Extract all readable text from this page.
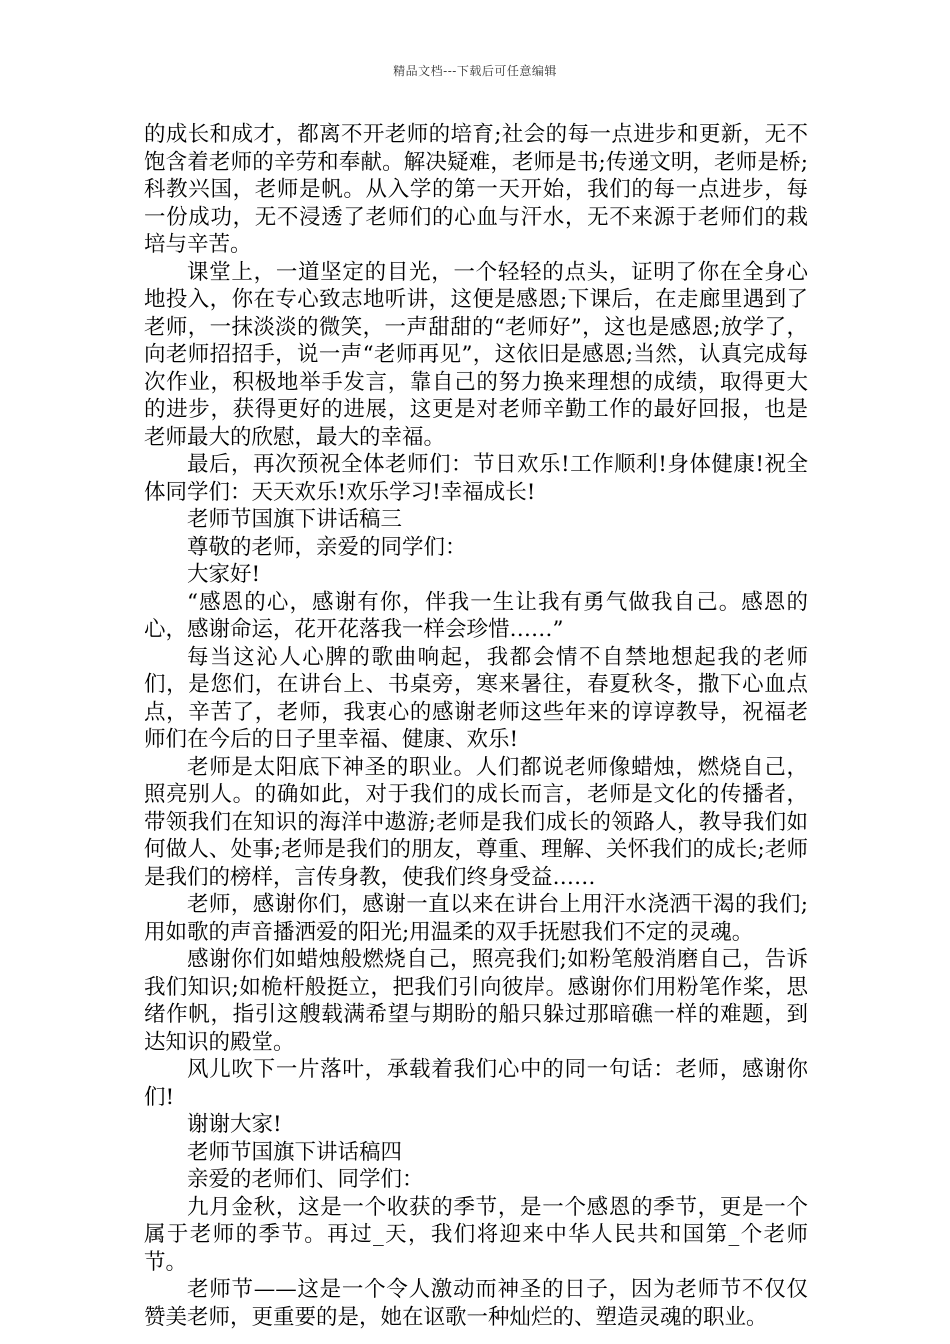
精品文档---下载后可任意编辑

的成长和成才，都离不开老师的培育;社会的每一点进步和更新，无不饱含着老师的辛劳和奉献。解决疑难，老师是书;传递文明，老师是桥;科教兴国，老师是帆。从入学的第一天开始，我们的每一点进步，每一份成功，无不浸透了老师们的心血与汗水，无不来源于老师们的栽培与辛苦。

课堂上，一道坚定的目光，一个轻轻的点头，证明了你在全身心地投入，你在专心致志地听讲，这便是感恩;下课后，在走廊里遇到了老师，一抹淡淡的微笑，一声甜甜的“老师好”，这也是感恩;放学了，向老师招招手，说一声“老师再见”，这依旧是感恩;当然，认真完成每次作业，积极地举手发言，靠自己的努力换来理想的成绩，取得更大的进步，获得更好的进展，这更是对老师辛勤工作的最好回报，也是老师最大的欣慰，最大的幸福。

最后，再次预祝全体老师们：节日欢乐!工作顺利!身体健康!祝全体同学们：天天欢乐!欢乐学习!幸福成长!

老师节国旗下讲话稿三

尊敬的老师，亲爱的同学们：

大家好!

“感恩的心，感谢有你，伴我一生让我有勇气做我自己。感恩的心，感谢命运，花开花落我一样会珍惜……”

每当这沁人心脾的歌曲响起，我都会情不自禁地想起我的老师们，是您们，在讲台上、书桌旁，寒来暑往，春夏秋冬，撒下心血点点，辛苦了，老师，我衷心的感谢老师这些年来的谆谆教导，祝福老师们在今后的日子里幸福、健康、欢乐!

老师是太阳底下神圣的职业。人们都说老师像蜡烛，燃烧自己，照亮别人。的确如此，对于我们的成长而言，老师是文化的传播者，带领我们在知识的海洋中遨游;老师是我们成长的领路人，教导我们如何做人、处事;老师是我们的朋友，尊重、理解、关怀我们的成长;老师是我们的榜样，言传身教，使我们终身受益……

老师，感谢你们，感谢一直以来在讲台上用汗水浇洒干渴的我们;用如歌的声音播洒爱的阳光;用温柔的双手抚慰我们不定的灵魂。

感谢你们如蜡烛般燃烧自己，照亮我们;如粉笔般消磨自己，告诉我们知识;如桅杆般挺立，把我们引向彼岸。感谢你们用粉笔作桨，思绪作帆，指引这艘载满希望与期盼的船只躲过那暗礁一样的难题，到达知识的殿堂。

风儿吹下一片落叶，承载着我们心中的同一句话：老师，感谢你们!

谢谢大家!

老师节国旗下讲话稿四

亲爱的老师们、同学们：

九月金秋，这是一个收获的季节，是一个感恩的季节，更是一个属于老师的季节。再过_天，我们将迎来中华人民共和国第_个老师节。

老师节——这是一个令人激动而神圣的日子，因为老师节不仅仅赞美老师，更重要的是，她在讴歌一种灿烂的、塑造灵魂的职业。
